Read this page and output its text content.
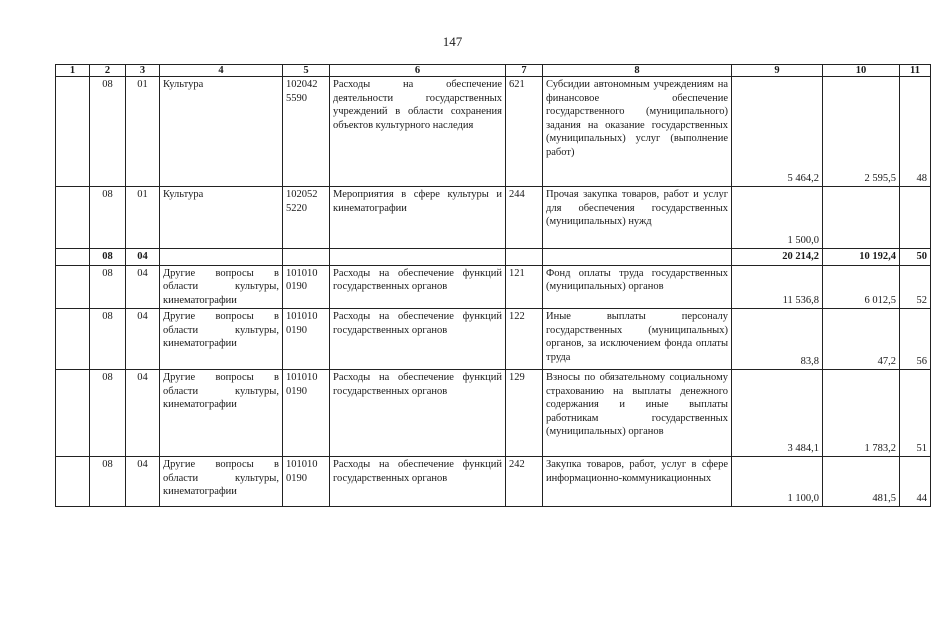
147
1	2	3	4	5	6	7	8	9	10	11
	08	01	Культура	102042 5590	Расходы на обеспечение деятельности государственных учреждений в области сохранения объектов культурного наследия	621	Субсидии автономным учреждениям на финансовое обеспечение государственного (муниципального) задания на оказание государственных (муниципальных) услуг (выполнение работ)	5 464,2	2 595,5	48
	08	01	Культура	102052 5220	Мероприятия в сфере культуры и кинематографии	244	Прочая закупка товаров, работ и услуг для обеспечения государственных (муниципальных) нужд	1 500,0		
	08	04						20 214,2	10 192,4	50
	08	04	Другие вопросы в области культуры, кинематографии	101010 0190	Расходы на обеспечение функций государственных органов	121	Фонд оплаты труда государственных (муниципальных) органов	11 536,8	6 012,5	52
	08	04	Другие вопросы в области культуры, кинематографии	101010 0190	Расходы на обеспечение функций государственных органов	122	Иные выплаты персоналу государственных (муниципальных) органов, за исключением фонда оплаты труда	83,8	47,2	56
	08	04	Другие вопросы в области культуры, кинематографии	101010 0190	Расходы на обеспечение функций государственных органов	129	Взносы по обязательному социальному страхованию на выплаты денежного содержания и иные выплаты работникам государственных (муниципальных) органов	3 484,1	1 783,2	51
	08	04	Другие вопросы в области культуры, кинематографии	101010 0190	Расходы на обеспечение функций государственных органов	242	Закупка товаров, работ, услуг в сфере информационно-коммуникационных	1 100,0	481,5	44
